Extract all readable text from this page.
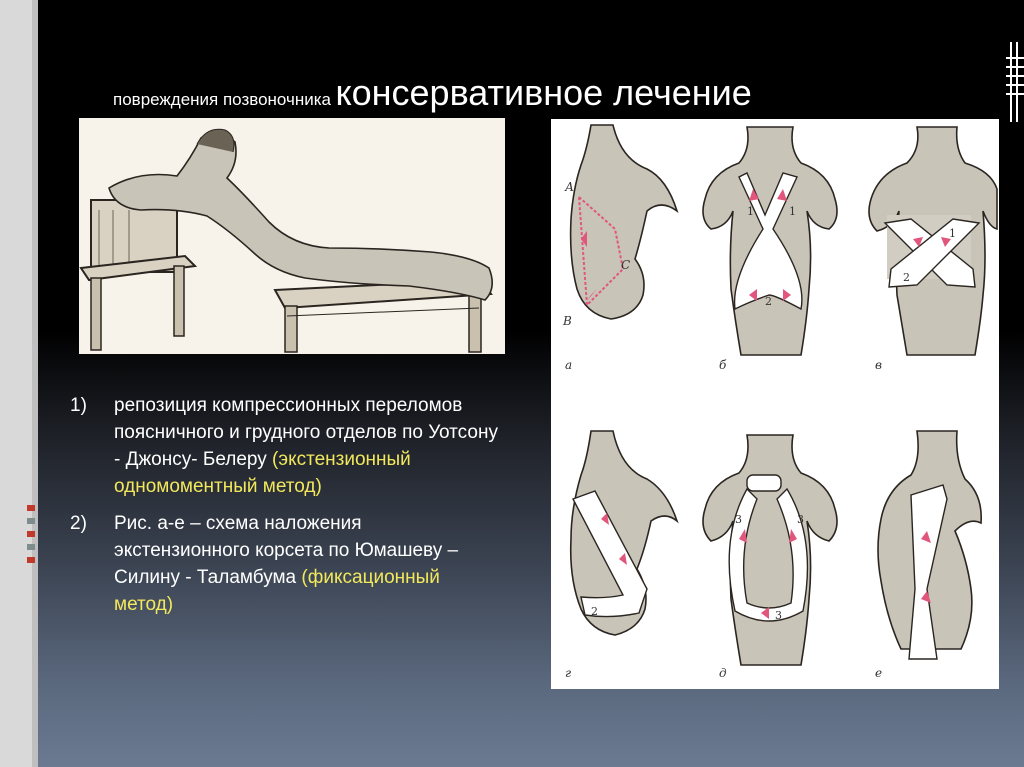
повреждения позвоночника консервативное лечение
А
В
С
а
1	1
2
б
1
2
в
2
г
3	3
3
д	е
1) репозиция компрессионных переломов поясничного и грудного отделов по Уотсону - Джонсу- Белеру (экстензионный одномоментный метод)
2) Рис. а-е – схема наложения экстензионного корсета по Юмашеву – Силину - Таламбума (фиксационный метод)
